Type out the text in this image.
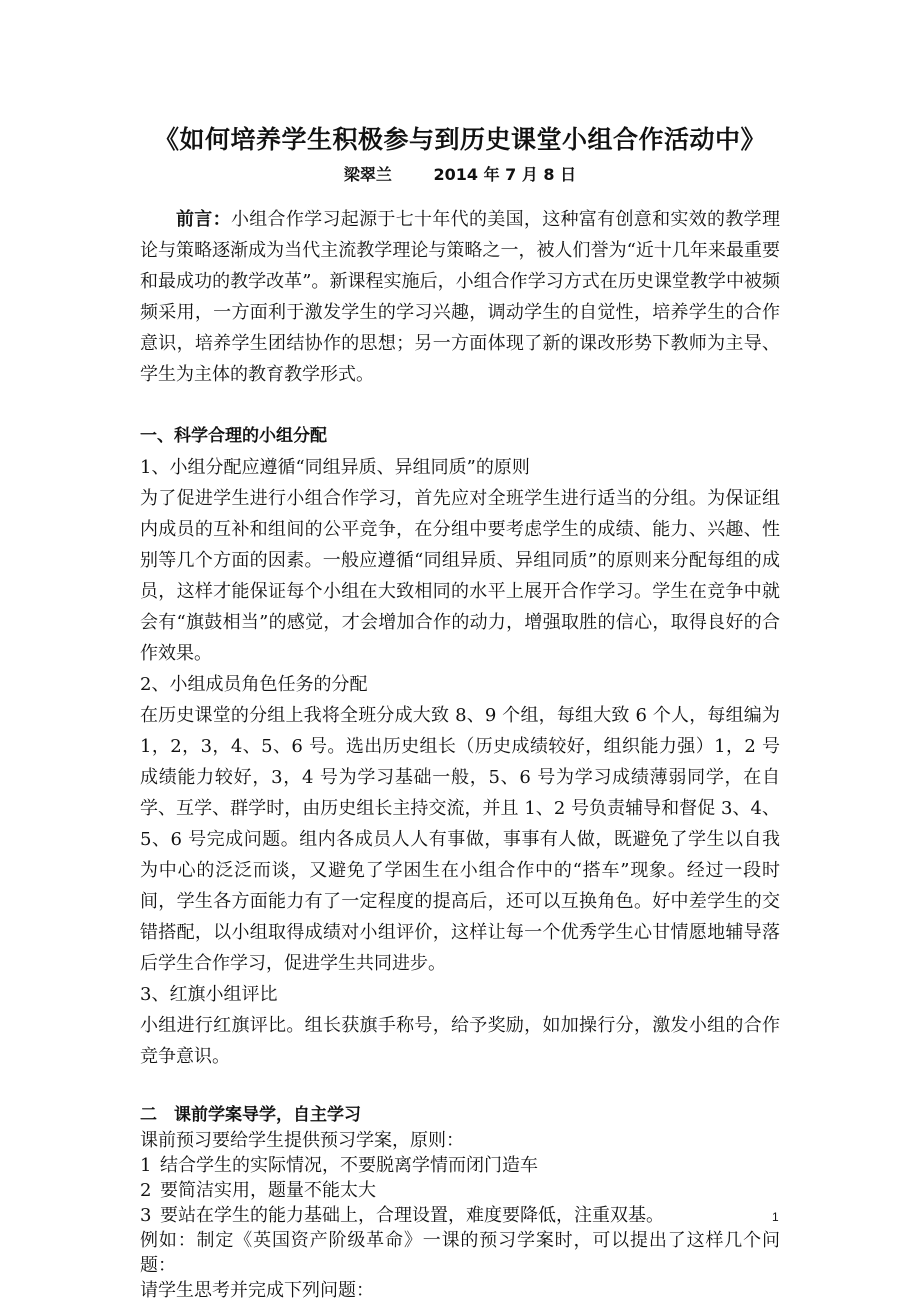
《如何培养学生积极参与到历史课堂小组合作活动中》
梁翠兰	2014 年 7 月 8 日

前言：小组合作学习起源于七十年代的美国，这种富有创意和实效的教学理论与策略逐渐成为当代主流教学理论与策略之一，被人们誉为“近十几年来最重要和最成功的教学改革”。新课程实施后，小组合作学习方式在历史课堂教学中被频频采用，一方面利于激发学生的学习兴趣，调动学生的自觉性，培养学生的合作意识，培养学生团结协作的思想；另一方面体现了新的课改形势下教师为主导、学生为主体的教育教学形式。

一、科学合理的小组分配

1、小组分配应遵循“同组异质、异组同质”的原则

为了促进学生进行小组合作学习，首先应对全班学生进行适当的分组。为保证组内成员的互补和组间的公平竞争，在分组中要考虑学生的成绩、能力、兴趣、性别等几个方面的因素。一般应遵循“同组异质、异组同质”的原则来分配每组的成员，这样才能保证每个小组在大致相同的水平上展开合作学习。学生在竞争中就会有“旗鼓相当”的感觉，才会增加合作的动力，增强取胜的信心，取得良好的合作效果。

2、小组成员角色任务的分配

在历史课堂的分组上我将全班分成大致 8、9 个组，每组大致 6 个人，每组编为 1，2，3，4、5、6 号。选出历史组长（历史成绩较好，组织能力强）1，2 号成绩能力较好，3，4 号为学习基础一般，5、6 号为学习成绩薄弱同学，在自学、互学、群学时，由历史组长主持交流，并且 1、2 号负责辅导和督促 3、4、5、6 号完成问题。组内各成员人人有事做，事事有人做，既避免了学生以自我为中心的泛泛而谈，又避免了学困生在小组合作中的“搭车”现象。经过一段时间，学生各方面能力有了一定程度的提高后，还可以互换角色。好中差学生的交错搭配，以小组取得成绩对小组评价，这样让每一个优秀学生心甘情愿地辅导落后学生合作学习，促进学生共同进步。

3、红旗小组评比

小组进行红旗评比。组长获旗手称号，给予奖励，如加操行分，激发小组的合作竞争意识。

二　课前学案导学，自主学习

课前预习要给学生提供预习学案，原则：

1 结合学生的实际情况，不要脱离学情而闭门造车

2 要简洁实用，题量不能太大

3 要站在学生的能力基础上，合理设置，难度要降低，注重双基。

例如：制定《英国资产阶级革命》一课的预习学案时，可以提出了这样几个问题：

请学生思考并完成下列问题：

1
